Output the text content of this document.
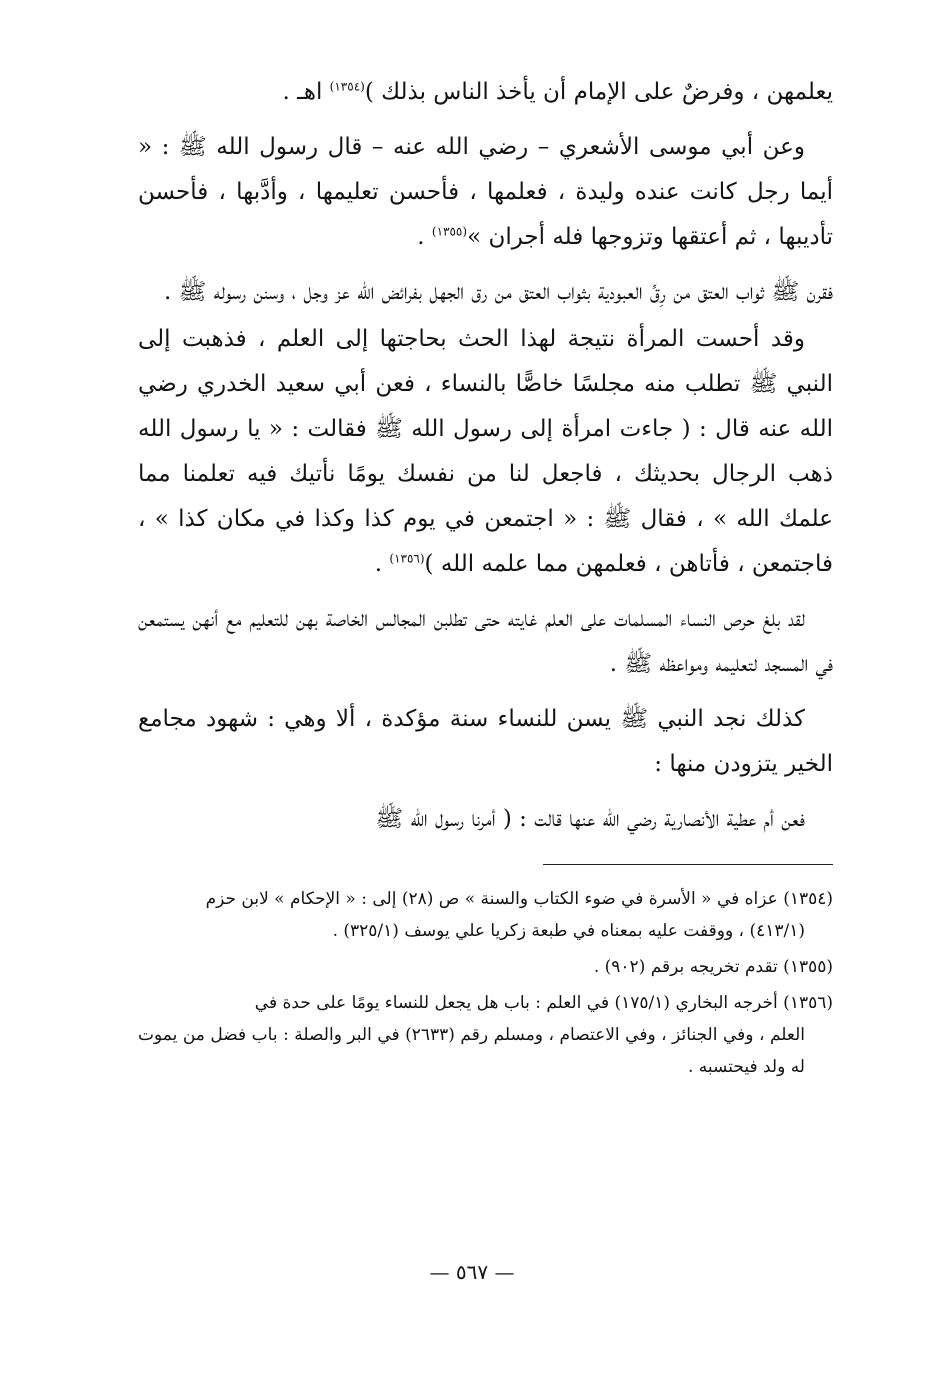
يعلمهن ، وفرضٌ على الإمام أن يأخذ الناس بذلك )$^{(١٣٥٤)}$ اهـ .

وعن أبي موسى الأشعري – رضي الله عنه – قال رسول الله ﷺ : « أيما رجل كانت عنده وليدة ، فعلمها ، فأحسن تعليمها ، وأدَّبها ، فأحسن تأديبها ، ثم أعتقها وتزوجها فله أجران »$^{(١٣٥٥)}$ .

فقرن ﷺ ثواب العتق من رِقِّ العبودية بثواب العتق من رق الجهل بفرائض الله عز وجل ، وسنن رسوله ﷺ .

وقد أحست المرأة نتيجة لهذا الحث بحاجتها إلى العلم ، فذهبت إلى النبي ﷺ تطلب منه مجلسًا خاصًّا بالنساء ، فعن أبي سعيد الخدري رضي الله عنه قال : ( جاءت امرأة إلى رسول الله ﷺ فقالت : « يا رسول الله ذهب الرجال بحديثك ، فاجعل لنا من نفسك يومًا نأتيك فيه تعلمنا مما علمك الله » ، فقال ﷺ : « اجتمعن في يوم كذا وكذا في مكان كذا » ، فاجتمعن ، فأتاهن ، فعلمهن مما علمه الله )$^{(١٣٥٦)}$ .

لقد بلغ حرص النساء المسلمات على العلم غايته حتى تطلبن المجالس الخاصة بهن للتعليم مع أنهن يستمعن في المسجد لتعليمه ومواعظه ﷺ .

كذلك نجد النبي ﷺ يسن للنساء سنة مؤكدة ، ألا وهي : شهود مجامع الخير يتزودن منها :

فعن أم عطية الأنصارية رضي الله عنها قالت : ( أمرنا رسول الله ﷺ

(١٣٥٤) عزاه في « الأسرة في ضوء الكتاب والسنة » ص (٢٨) إلى : « الإحكام » لابن حزم
(٤١٣/١) ، ووقفت عليه بمعناه في طبعة زكريا علي يوسف (٣٢٥/١) .
(١٣٥٥) تقدم تخريجه برقم (٩٠٢) .
(١٣٥٦) أخرجه البخاري (١٧٥/١) في العلم : باب هل يجعل للنساء يومًا على حدة في
العلم ، وفي الجنائز ، وفي الاعتصام ، ومسلم رقم (٢٦٣٣) في البر والصلة : باب فضل من يموت له ولد فيحتسبه .
— ٥٦٧ —
